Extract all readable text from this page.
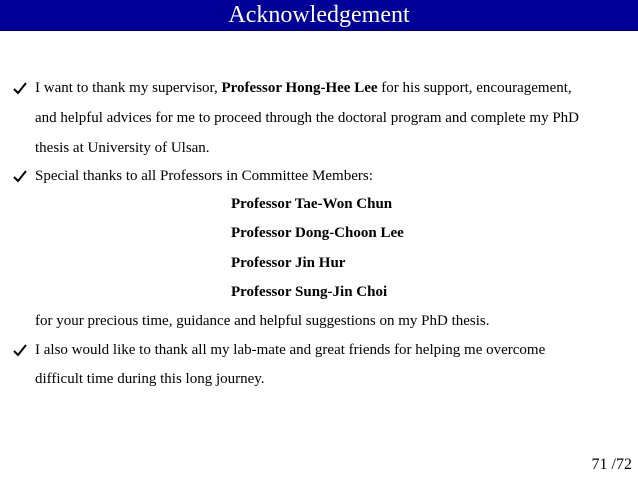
Acknowledgement
I want to thank my supervisor, Professor Hong-Hee Lee for his support, encouragement,
and helpful advices for me to proceed through the doctoral program and complete my PhD
thesis at University of Ulsan.
Special thanks to all Professors in Committee Members:
Professor Tae-Won Chun
Professor Dong-Choon Lee
Professor Jin Hur
Professor Sung-Jin Choi
for your precious time, guidance and helpful suggestions on my PhD thesis.
I also would like to thank all my lab-mate and great friends for helping me overcome
difficult time during this long journey.
71 /72
